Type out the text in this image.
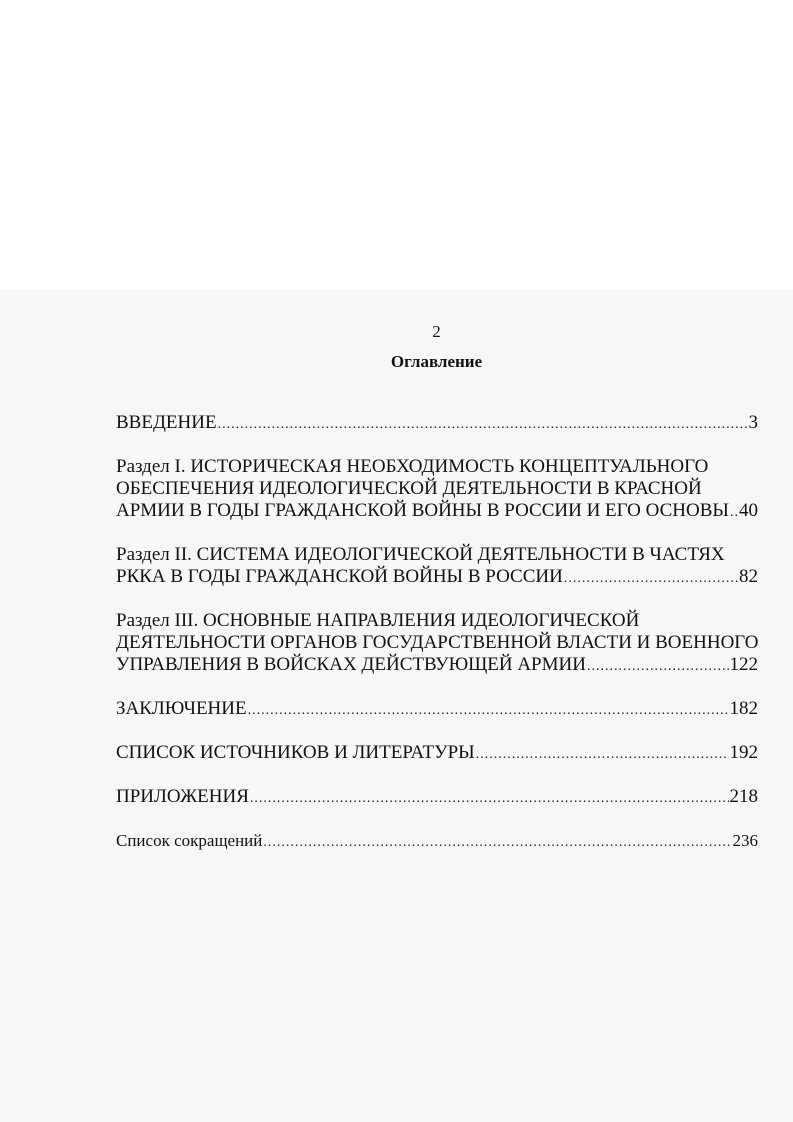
2
Оглавление
ВВЕДЕНИЕ .....	3
Раздел I. ИСТОРИЧЕСКАЯ НЕОБХОДИМОСТЬ КОНЦЕПТУАЛЬНОГО
ОБЕСПЕЧЕНИЯ ИДЕОЛОГИЧЕСКОЙ ДЕЯТЕЛЬНОСТИ В КРАСНОЙ
АРМИИ В ГОДЫ ГРАЖДАНСКОЙ ВОЙНЫ В РОССИИ И ЕГО ОСНОВЫ ..... 40
Раздел II. СИСТЕМА ИДЕОЛОГИЧЕСКОЙ ДЕЯТЕЛЬНОСТИ В ЧАСТЯХ
РККА В ГОДЫ ГРАЖДАНСКОЙ ВОЙНЫ В РОССИИ .....	82
Раздел III. ОСНОВНЫЕ НАПРАВЛЕНИЯ ИДЕОЛОГИЧЕСКОЙ
ДЕЯТЕЛЬНОСТИ ОРГАНОВ ГОСУДАРСТВЕННОЙ ВЛАСТИ И ВОЕННОГО
УПРАВЛЕНИЯ В ВОЙСКАХ ДЕЙСТВУЮЩЕЙ АРМИИ .....	122
ЗАКЛЮЧЕНИЕ .....	182
СПИСОК ИСТОЧНИКОВ И ЛИТЕРАТУРЫ .....	192
ПРИЛОЖЕНИЯ .....	218
Список сокращений .....	236
